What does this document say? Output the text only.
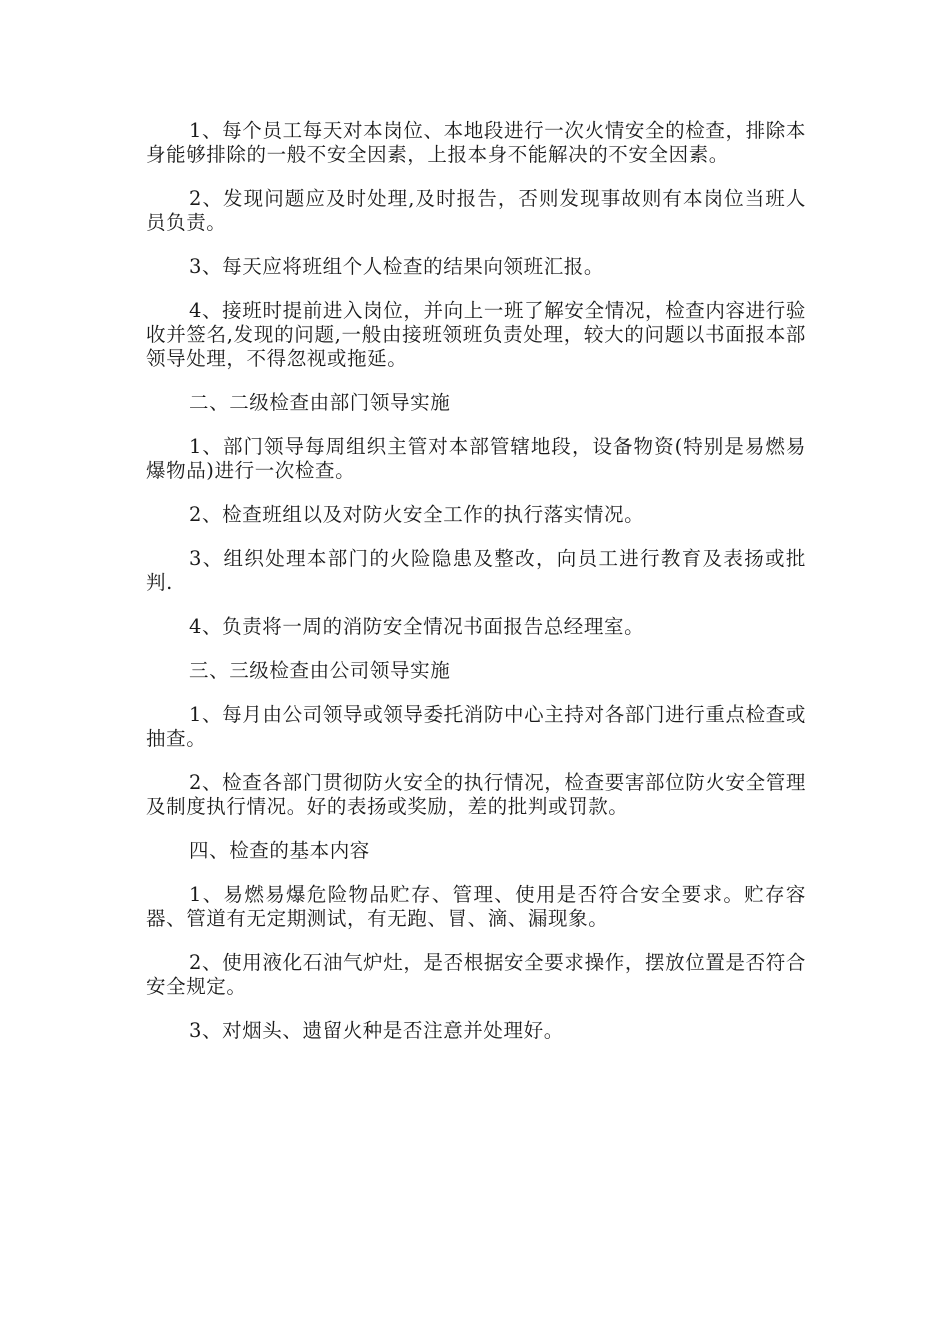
1、每个员工每天对本岗位、本地段进行一次火情安全的检查，排除本身能够排除的一般不安全因素，上报本身不能解决的不安全因素。

2、发现问题应及时处理,及时报告，否则发现事故则有本岗位当班人员负责。

3、每天应将班组个人检查的结果向领班汇报。

4、接班时提前进入岗位，并向上一班了解安全情况，检查内容进行验收并签名,发现的问题,一般由接班领班负责处理，较大的问题以书面报本部领导处理，不得忽视或拖延。

二、二级检查由部门领导实施

1、部门领导每周组织主管对本部管辖地段，设备物资(特别是易燃易爆物品)进行一次检查。

2、检查班组以及对防火安全工作的执行落实情况。

3、组织处理本部门的火险隐患及整改，向员工进行教育及表扬或批判.

4、负责将一周的消防安全情况书面报告总经理室。

三、三级检查由公司领导实施

1、每月由公司领导或领导委托消防中心主持对各部门进行重点检查或抽查。

2、检查各部门贯彻防火安全的执行情况，检查要害部位防火安全管理及制度执行情况。好的表扬或奖励，差的批判或罚款。

四、检查的基本内容

1、易燃易爆危险物品贮存、管理、使用是否符合安全要求。贮存容器、管道有无定期测试，有无跑、冒、滴、漏现象。

2、使用液化石油气炉灶，是否根据安全要求操作，摆放位置是否符合安全规定。

3、对烟头、遗留火种是否注意并处理好。
